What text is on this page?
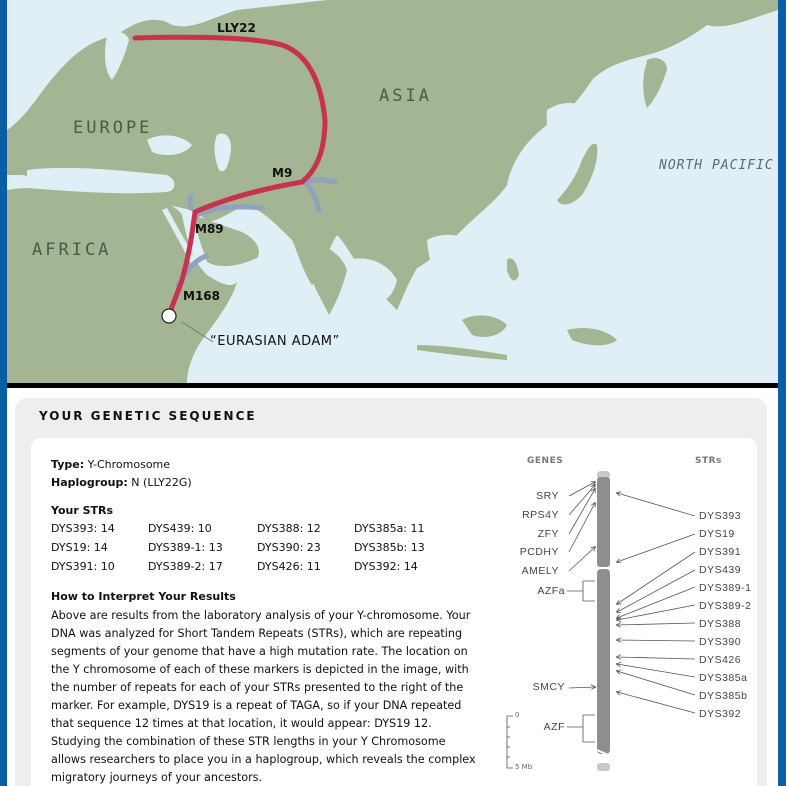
ASIA
EUROPE
AFRICA
NORTH PACIFIC
LLY22
M9
M89
M168
“EURASIAN ADAM”
YOUR GENETIC SEQUENCE
Type: Y-Chromosome
Haplogroup: N (LLY22G)
Your STRs
DYS393: 14	DYS439: 10	DYS388: 12	DYS385a: 11
DYS19: 14	DYS389-1: 13	DYS390: 23	DYS385b: 13
DYS391: 10	DYS389-2: 17	DYS426: 11	DYS392: 14
How to Interpret Your Results
Above are results from the laboratory analysis of your Y-chromosome. Your DNA was analyzed for Short Tandem Repeats (STRs), which are repeating segments of your genome that have a high mutation rate. The location on the Y chromosome of each of these markers is depicted in the image, with the number of repeats for each of your STRs presented to the right of the marker. For example, DYS19 is a repeat of TAGA, so if your DNA repeated that sequence 12 times at that location, it would appear: DYS19 12. Studying the combination of these STR lengths in your Y Chromosome allows researchers to place you in a haplogroup, which reveals the complex migratory journeys of your ancestors.
GENES	STRs
SRY
RPS4Y
ZFY
PCDHY
AMELY
AZFa
SMCY
AZF
DYS393
DYS19
DYS391
DYS439
DYS389-1
DYS389-2
DYS388
DYS390
DYS426
DYS385a
DYS385b
DYS392
0
5 Mb
